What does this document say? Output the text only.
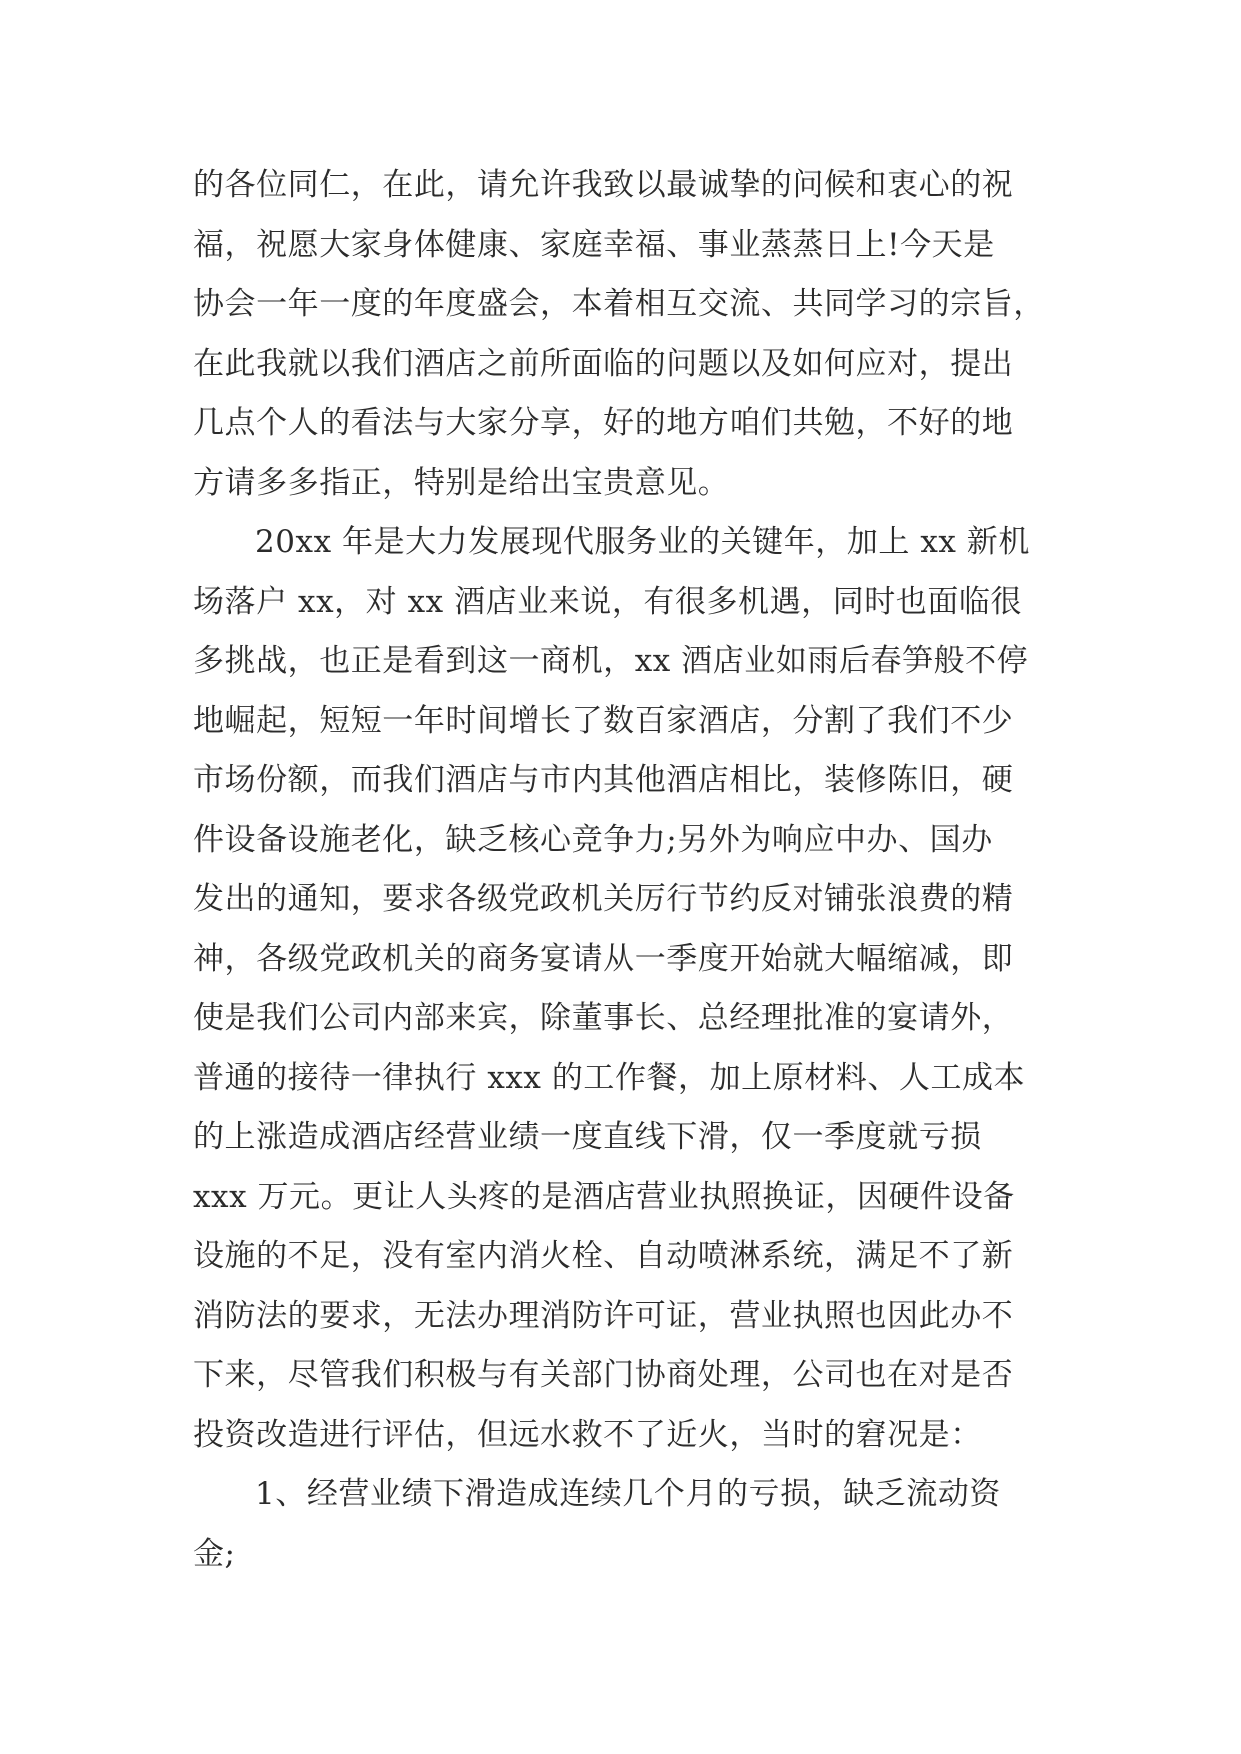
的各位同仁，在此，请允许我致以最诚挚的问候和衷心的祝
福，祝愿大家身体健康、家庭幸福、事业蒸蒸日上!今天是
协会一年一度的年度盛会，本着相互交流、共同学习的宗旨，
在此我就以我们酒店之前所面临的问题以及如何应对，提出
几点个人的看法与大家分享，好的地方咱们共勉，不好的地
方请多多指正，特别是给出宝贵意见。
20xx 年是大力发展现代服务业的关键年，加上 xx 新机
场落户 xx，对 xx 酒店业来说，有很多机遇，同时也面临很
多挑战，也正是看到这一商机，xx 酒店业如雨后春笋般不停
地崛起，短短一年时间增长了数百家酒店，分割了我们不少
市场份额，而我们酒店与市内其他酒店相比，装修陈旧，硬
件设备设施老化，缺乏核心竞争力;另外为响应中办、国办
发出的通知，要求各级党政机关厉行节约反对铺张浪费的精
神，各级党政机关的商务宴请从一季度开始就大幅缩减，即
使是我们公司内部来宾，除董事长、总经理批准的宴请外，
普通的接待一律执行 xxx 的工作餐，加上原材料、人工成本
的上涨造成酒店经营业绩一度直线下滑，仅一季度就亏损
xxx 万元。更让人头疼的是酒店营业执照换证，因硬件设备
设施的不足，没有室内消火栓、自动喷淋系统，满足不了新
消防法的要求，无法办理消防许可证，营业执照也因此办不
下来，尽管我们积极与有关部门协商处理，公司也在对是否
投资改造进行评估，但远水救不了近火，当时的窘况是：
1、经营业绩下滑造成连续几个月的亏损，缺乏流动资
金;
